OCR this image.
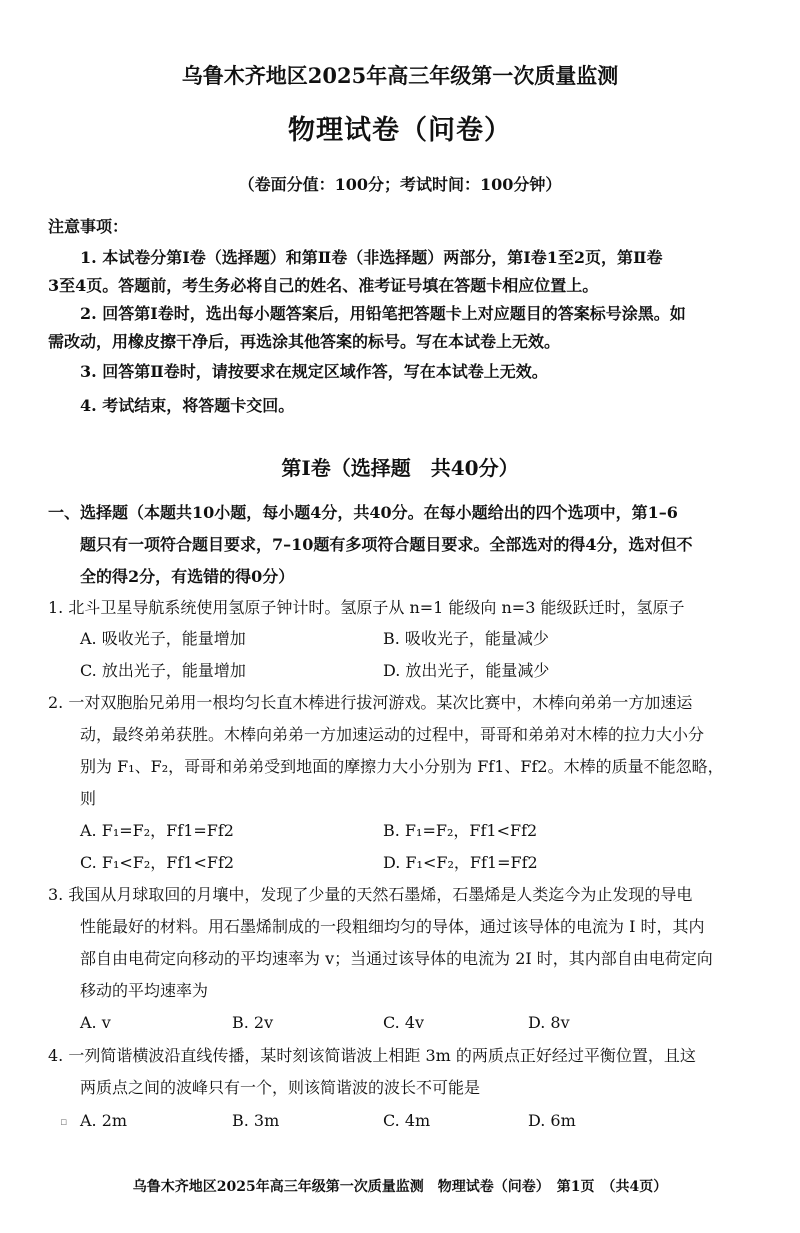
乌鲁木齐地区2025年高三年级第一次质量监测
物理试卷（问卷）
（卷面分值：100分；考试时间：100分钟）
注意事项：
1. 本试卷分第Ⅰ卷（选择题）和第Ⅱ卷（非选择题）两部分，第Ⅰ卷1至2页，第Ⅱ卷
3至4页。答题前，考生务必将自己的姓名、准考证号填在答题卡相应位置上。
2. 回答第Ⅰ卷时，选出每小题答案后，用铅笔把答题卡上对应题目的答案标号涂黑。如
需改动，用橡皮擦干净后，再选涂其他答案的标号。写在本试卷上无效。
3. 回答第Ⅱ卷时，请按要求在规定区域作答，写在本试卷上无效。
4. 考试结束，将答题卡交回。
第Ⅰ卷（选择题　共40分）
一、选择题（本题共10小题，每小题4分，共40分。在每小题给出的四个选项中，第1–6
题只有一项符合题目要求，7–10题有多项符合题目要求。全部选对的得4分，选对但不
全的得2分，有选错的得0分）
1. 北斗卫星导航系统使用氢原子钟计时。氢原子从 n=1 能级向 n=3 能级跃迁时，氢原子
A. 吸收光子，能量增加	B. 吸收光子，能量减少
C. 放出光子，能量增加	D. 放出光子，能量减少
2. 一对双胞胎兄弟用一根均匀长直木棒进行拔河游戏。某次比赛中，木棒向弟弟一方加速运
动，最终弟弟获胜。木棒向弟弟一方加速运动的过程中，哥哥和弟弟对木棒的拉力大小分
别为 F₁、F₂，哥哥和弟弟受到地面的摩擦力大小分别为 Ff1、Ff2。木棒的质量不能忽略，
则
A. F₁=F₂，Ff1=Ff2	B. F₁=F₂，Ff1<Ff2
C. F₁<F₂，Ff1<Ff2	D. F₁<F₂，Ff1=Ff2
3. 我国从月球取回的月壤中，发现了少量的天然石墨烯，石墨烯是人类迄今为止发现的导电
性能最好的材料。用石墨烯制成的一段粗细均匀的导体，通过该导体的电流为 I 时，其内
部自由电荷定向移动的平均速率为 v；当通过该导体的电流为 2I 时，其内部自由电荷定向
移动的平均速率为
A. v	B. 2v	C. 4v	D. 8v
4. 一列简谐横波沿直线传播，某时刻该简谐波上相距 3m 的两质点正好经过平衡位置，且这
两质点之间的波峰只有一个，则该简谐波的波长不可能是
▫ A. 2m	B. 3m	C. 4m	D. 6m
乌鲁木齐地区2025年高三年级第一次质量监测　物理试卷（问卷）　第1页　（共4页）
